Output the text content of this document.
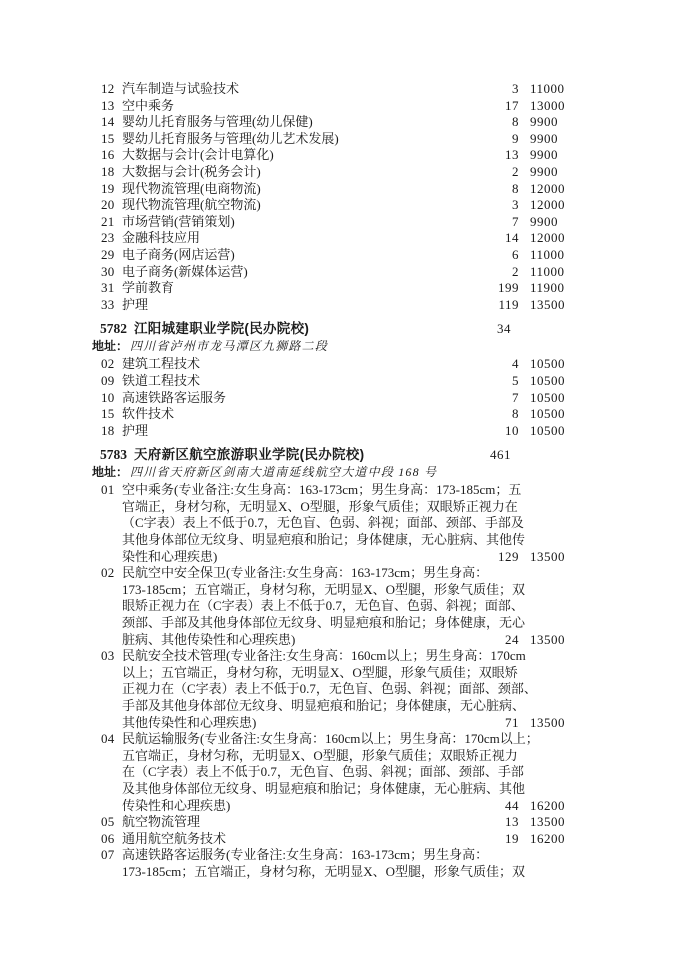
12 汽车制造与试验技术	3 11000
13 空中乘务	17 13000
14 婴幼儿托育服务与管理(幼儿保健)	8 9900
15 婴幼儿托育服务与管理(幼儿艺术发展)	9 9900
16 大数据与会计(会计电算化)	13 9900
18 大数据与会计(税务会计)	2 9900
19 现代物流管理(电商物流)	8 12000
20 现代物流管理(航空物流)	3 12000
21 市场营销(营销策划)	7 9900
23 金融科技应用	14 12000
29 电子商务(网店运营)	6 11000
30 电子商务(新媒体运营)	2 11000
31 学前教育	199 11900
33 护理	119 13500
5782 江阳城建职业学院(民办院校)	34
地址： 四川省泸州市龙马潭区九狮路二段
02 建筑工程技术	4 10500
09 铁道工程技术	5 10500
10 高速铁路客运服务	7 10500
15 软件技术	8 10500
18 护理	10 10500
5783 天府新区航空旅游职业学院(民办院校)	461
地址： 四川省天府新区剑南大道南延线航空大道中段 168 号
01 空中乘务(专业备注:女生身高：163-173cm；男生身高：173-185cm；五
官端正，身材匀称，无明显X、O型腿，形象气质佳；双眼矫正视力在
（C字表）表上不低于0.7，无色盲、色弱、斜视；面部、颈部、手部及
其他身体部位无纹身、明显疤痕和胎记；身体健康，无心脏病、其他传
染性和心理疾患)	129 13500
02 民航空中安全保卫(专业备注:女生身高：163-173cm；男生身高：
173-185cm；五官端正，身材匀称，无明显X、O型腿，形象气质佳；双
眼矫正视力在（C字表）表上不低于0.7，无色盲、色弱、斜视；面部、
颈部、手部及其他身体部位无纹身、明显疤痕和胎记；身体健康，无心
脏病、其他传染性和心理疾患)	24 13500
03 民航安全技术管理(专业备注:女生身高：160cm以上；男生身高：170cm
以上；五官端正，身材匀称，无明显X、O型腿，形象气质佳；双眼矫
正视力在（C字表）表上不低于0.7，无色盲、色弱、斜视；面部、颈部、
手部及其他身体部位无纹身、明显疤痕和胎记；身体健康，无心脏病、
其他传染性和心理疾患)	71 13500
04 民航运输服务(专业备注:女生身高：160cm以上；男生身高：170cm以上；
五官端正，身材匀称，无明显X、O型腿，形象气质佳；双眼矫正视力
在（C字表）表上不低于0.7，无色盲、色弱、斜视；面部、颈部、手部
及其他身体部位无纹身、明显疤痕和胎记；身体健康，无心脏病、其他
传染性和心理疾患)	44 16200
05 航空物流管理	13 13500
06 通用航空航务技术	19 16200
07 高速铁路客运服务(专业备注:女生身高：163-173cm；男生身高：
173-185cm；五官端正，身材匀称，无明显X、O型腿，形象气质佳；双
